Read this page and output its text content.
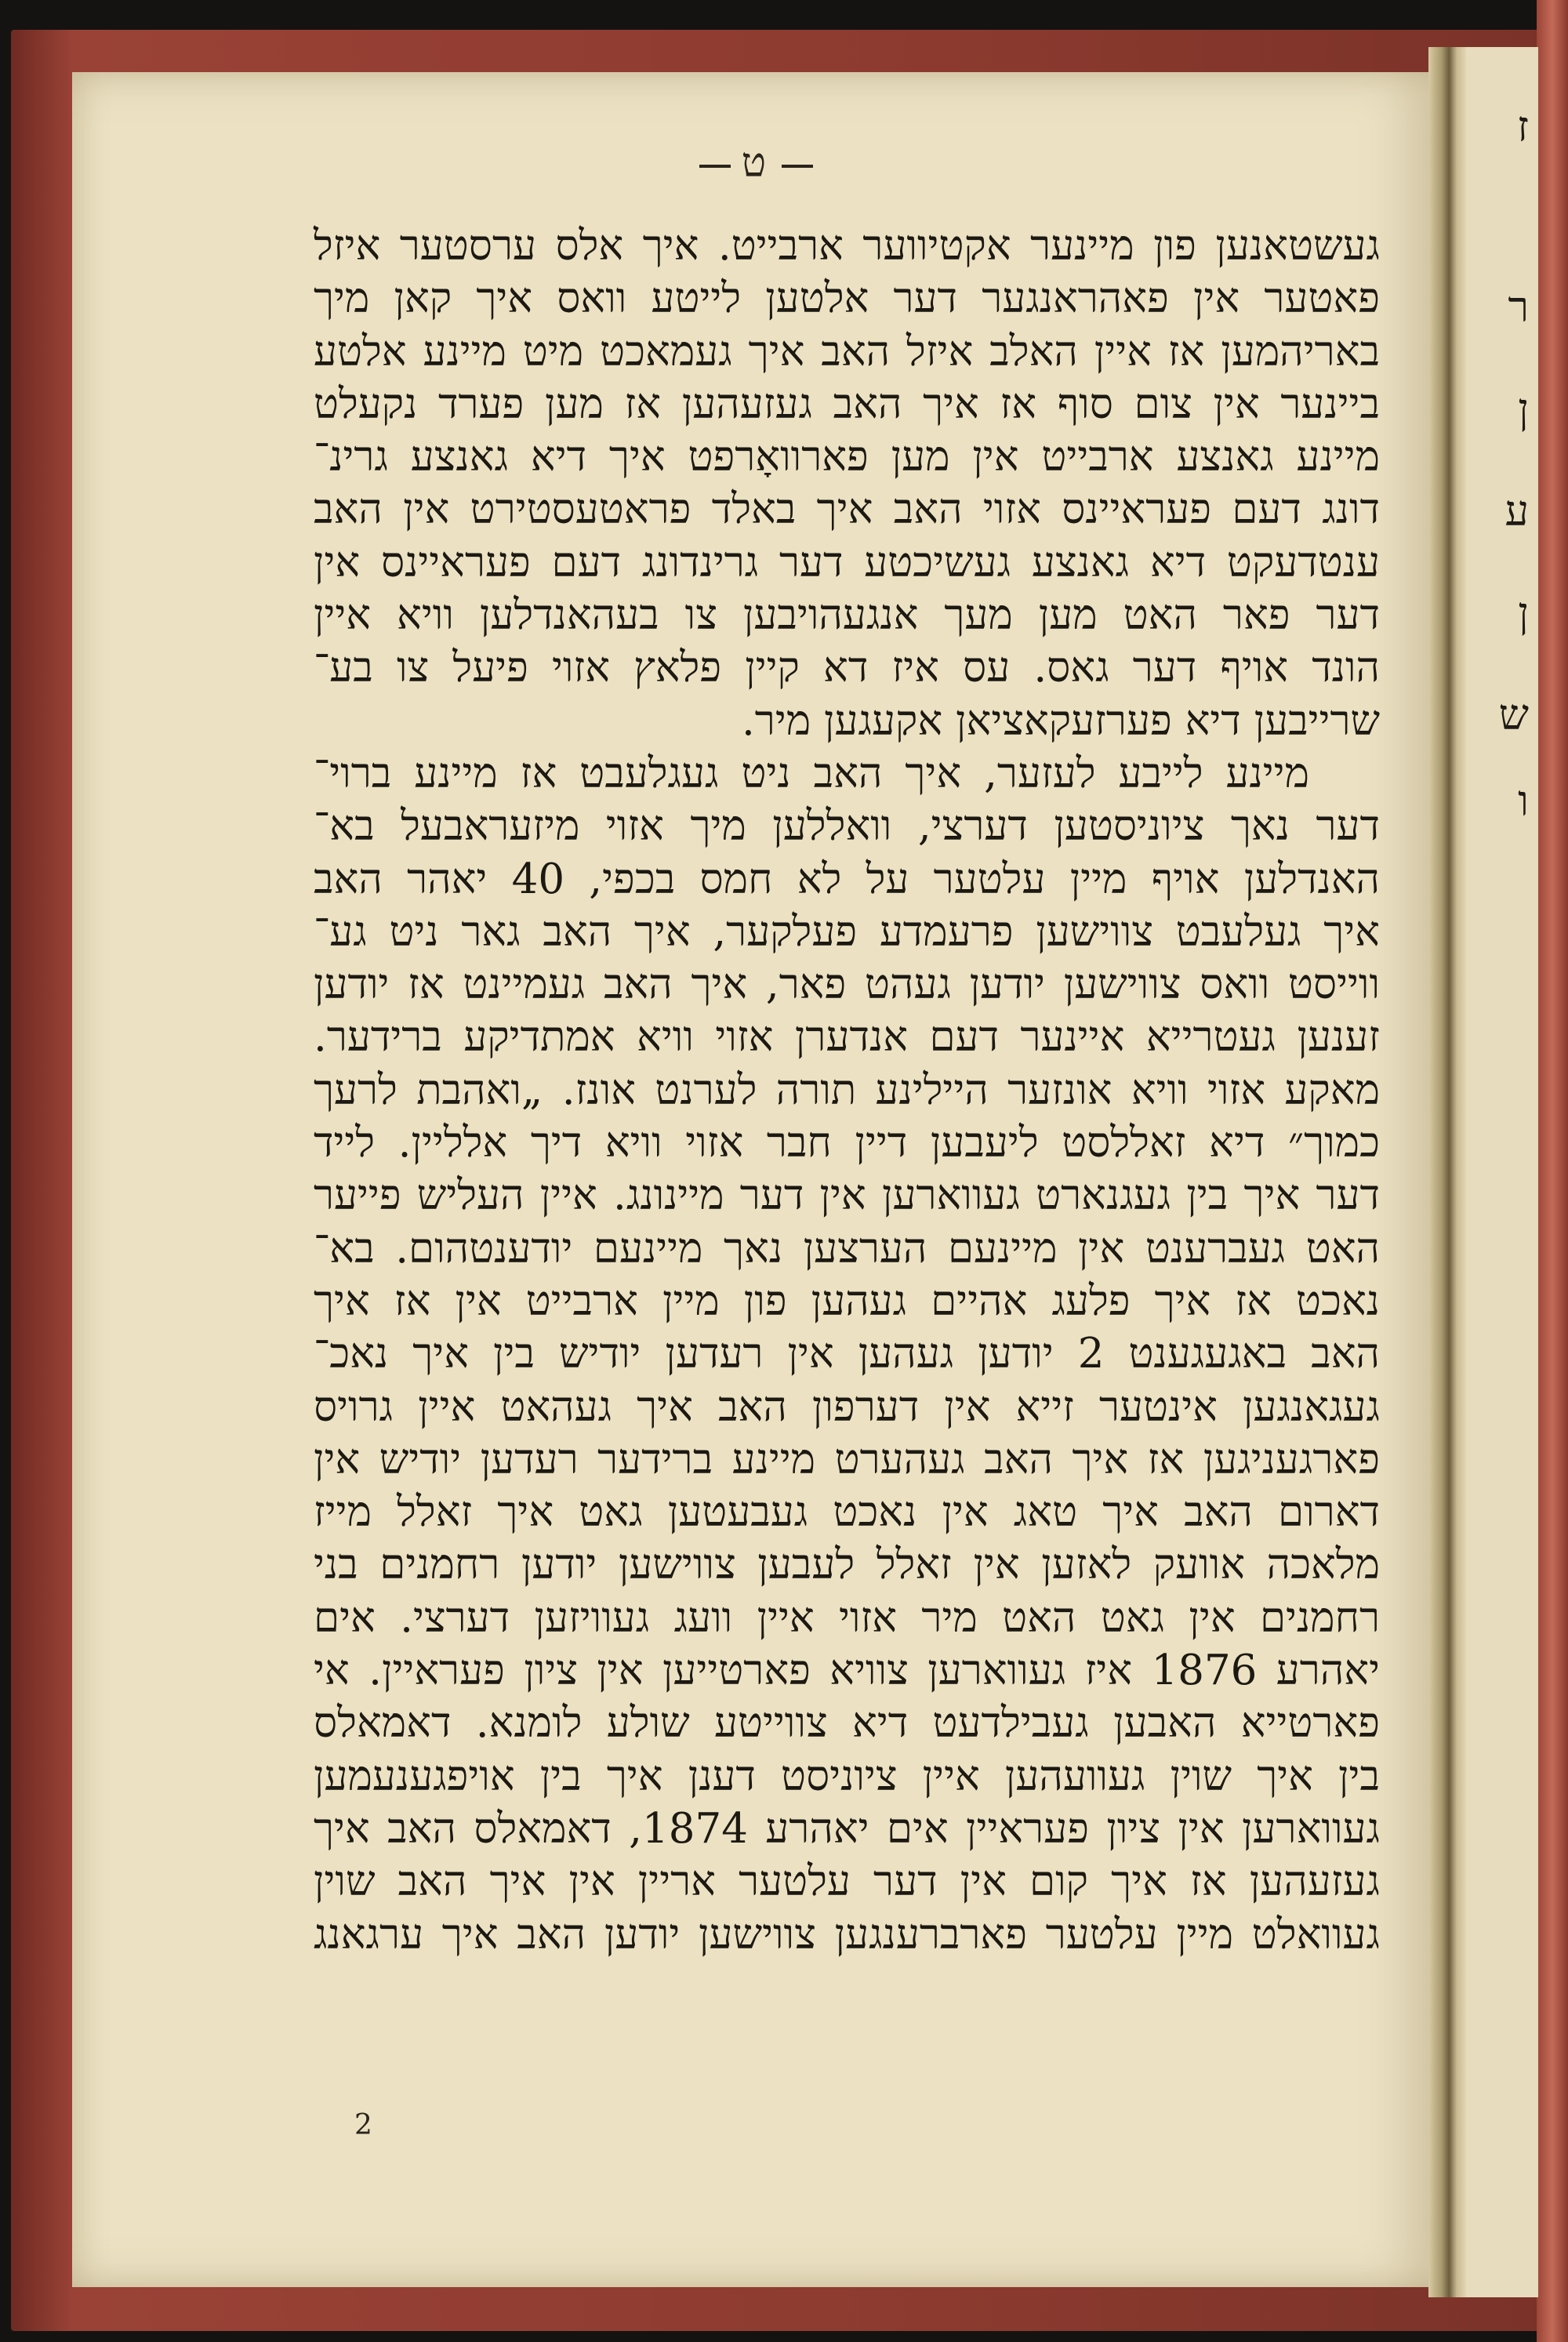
ז
ר
ן
ע
ן
ש
ו
ט

געשטאנען פון מיינער אקטיווער ארבייט. איך אלס ערסטער איזל
פאטער אין פאהראנגער דער אלטען לייטע וואס איך קאן מיך
באריהמען אז איין האלב איזל האב איך געמאכט מיט מיינע אלטע
ביינער אין צום סוף אז איך האב געזעהען אז מען פערד נקעלט
מיינע גאנצע ארבייט אין מען פארוואָרפט איך דיא גאנצע גרינ־
דונג דעם פעראיינס אזוי האב איך באלד פראטעסטירט אין האב
ענטדעקט דיא גאנצע געשיכטע דער גרינדונג דעם פעראיינס אין
דער פאר האט מען מעך אנגעהויבען צו בעהאנדלען וויא איין
הונד אויף דער גאס. עס איז דא קיין פלאץ אזוי פיעל צו בע־
שרייבען דיא פערזעקאציאן אקעגען מיר.

מיינע לייבע לעזער, איך האב ניט געגלעבט אז מיינע ברוי־
דער נאך ציוניסטען דערצי, וואללען מיך אזוי מיזעראבעל בא־
האנדלען אויף מיין עלטער על לא חמס בכפי, 40 יאהר האב
איך געלעבט צווישען פרעמדע פעלקער, איך האב גאר ניט גע־
ווייסט וואס צווישען יודען געהט פאר, איך האב געמיינט אז יודען
זענען געטרייא איינער דעם אנדערן אזוי וויא אמתדיקע ברידער.
מאקע אזוי וויא אונזער היילינע תורה לערנט אונז. „ואהבת לרעך
כמוך״ דיא זאללסט ליעבען דיין חבר אזוי וויא דיך אלליין. לייד
דער איך בין געגנארט געווארען אין דער מיינונג. איין העליש פייער
האט געברענט אין מיינעם הערצען נאך מיינעם יודענטהום. בא־
נאכט אז איך פלעג אהיים געהען פון מיין ארבייט אין אז איך
האב באגעגענט 2 יודען געהען אין רעדען יודיש בין איך נאכ־
געגאנגען אינטער זייא אין דערפון האב איך געהאט איין גרויס
פארגעניגען אז איך האב געהערט מיינע ברידער רעדען יודיש אין
דארום האב איך טאג אין נאכט געבעטען גאט איך זאלל מייז
מלאכה אוועק לאזען אין זאלל לעבען צווישען יודען רחמנים בני
רחמנים אין גאט האט מיר אזוי איין וועג געוויזען דערצי. אים
יאהרע 1876 איז געווארען צוויא פארטייען אין ציון פעראיין. אי
פארטייא האבען געבילדעט דיא צווייטע שולע לומנא. דאמאלס
בין איך שוין געוועהען איין ציוניסט דענן איך בין אויפגענעמען
געווארען אין ציון פעראיין אים יאהרע 1874, דאמאלס האב איך
געזעהען אז איך קום אין דער עלטער אריין אין איך האב שוין
געוואלט מיין עלטער פארברענגען צווישען יודען האב איך ערגאנג

2
